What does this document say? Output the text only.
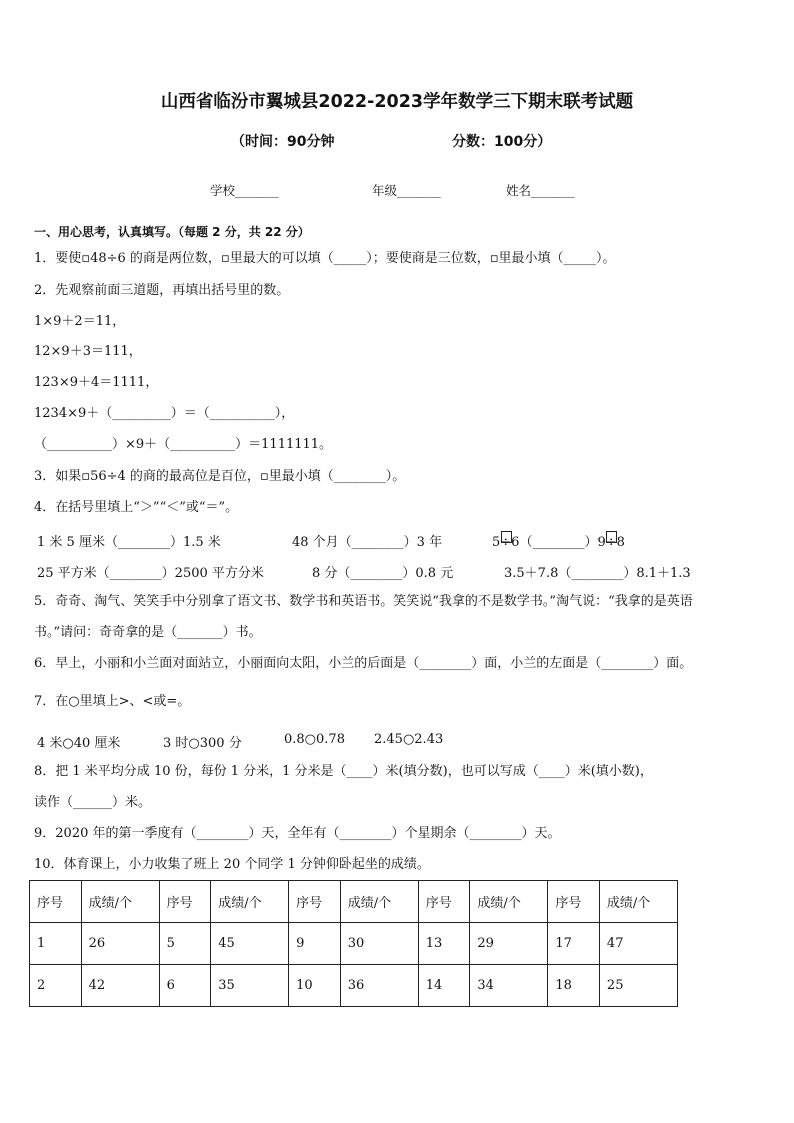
山西省临汾市翼城县2022-2023学年数学三下期末联考试题
（时间：90分钟	分数：100分）
学校_______	年级_______	姓名_______
一、用心思考，认真填写。（每题 2 分，共 22 分）
1．要使▫48÷6 的商是两位数，▫里最大的可以填（_____）；要使商是三位数，▫里最小填（_____）。
2．先观察前面三道题，再填出括号里的数。
1×9＋2＝11，
12×9＋3＝111，
123×9＋4＝1111，
1234×9＋（_________）＝（__________），
（__________）×9＋（__________）＝1111111。
3．如果▫56÷4 的商的最高位是百位，▫里最小填（________）。
4．在括号里填上“＞”“＜”或“＝”。
1 米 5 厘米（________）1.5 米	48 个月（________）3 年	5
÷6（________）9
÷8
25 平方米（________）2500 平方分米	8 分（________）0.8 元	3.5＋7.8（________）8.1＋1.3
5．奇奇、淘气、笑笑手中分别拿了语文书、数学书和英语书。笑笑说“我拿的不是数学书。”淘气说：“我拿的是英语
书。”请问：奇奇拿的是（_______）书。
6．早上，小丽和小兰面对面站立，小丽面向太阳，小兰的后面是（________）面，小兰的左面是（________）面。
7．在○里填上>、<或=。
4 米○40 厘米	3 时○300 分	0.8○0.78 2.45○2.43
8．把 1 米平均分成 10 份，每份 1 分米，1 分米是（____）米(填分数)，也可以写成（____）米(填小数)，
读作（______）米。
9．2020 年的第一季度有（________）天，全年有（________）个星期余（________）天。
10．体育课上，小力收集了班上 20 个同学 1 分钟仰卧起坐的成绩。
序号	成绩/个	序号	成绩/个	序号	成绩/个	序号	成绩/个	序号	成绩/个
1	26	5	45	9	30	13	29	17	47
2	42	6	35	10	36	14	34	18	25
